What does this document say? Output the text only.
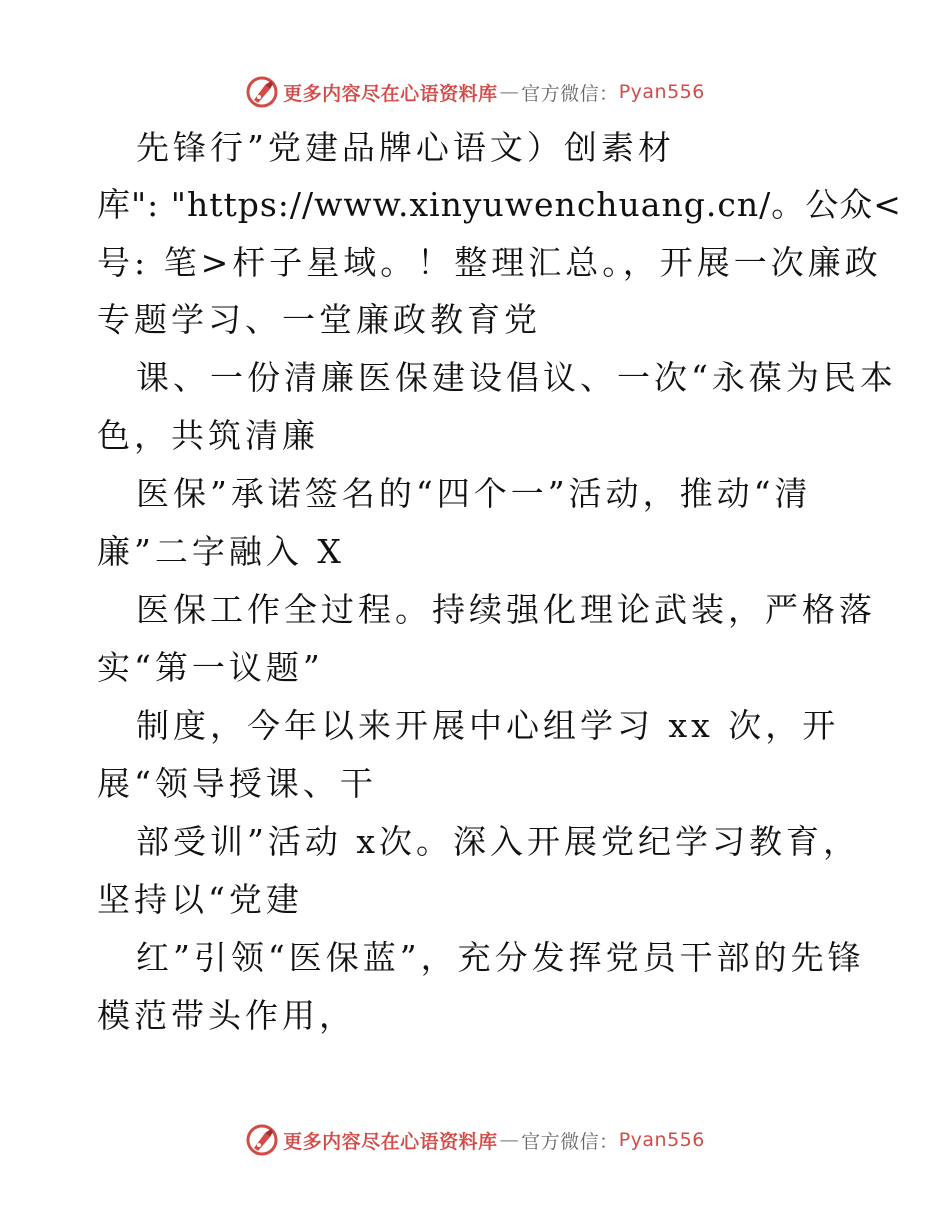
更多内容尽在心语资料库 — 官方微信： Pyan556
先锋行”党建品牌心语文）创素材
库": "https://www.xinyuwenchuang.cn/。公众<
号: 笔>杆子星域。！整理汇总。，开展一次廉政
专题学习、一堂廉政教育党
课、一份清廉医保建设倡议、一次“永葆为民本
色，共筑清廉
医保”承诺签名的“四个一”活动，推动“清
廉”二字融入 X
医保工作全过程。持续强化理论武装，严格落
实“第一议题”
制度，今年以来开展中心组学习 xx 次，开
展“领导授课、干
部受训”活动 x次。深入开展党纪学习教育，
坚持以“党建
红”引领“医保蓝”，充分发挥党员干部的先锋
模范带头作用，
更多内容尽在心语资料库 — 官方微信： Pyan556
